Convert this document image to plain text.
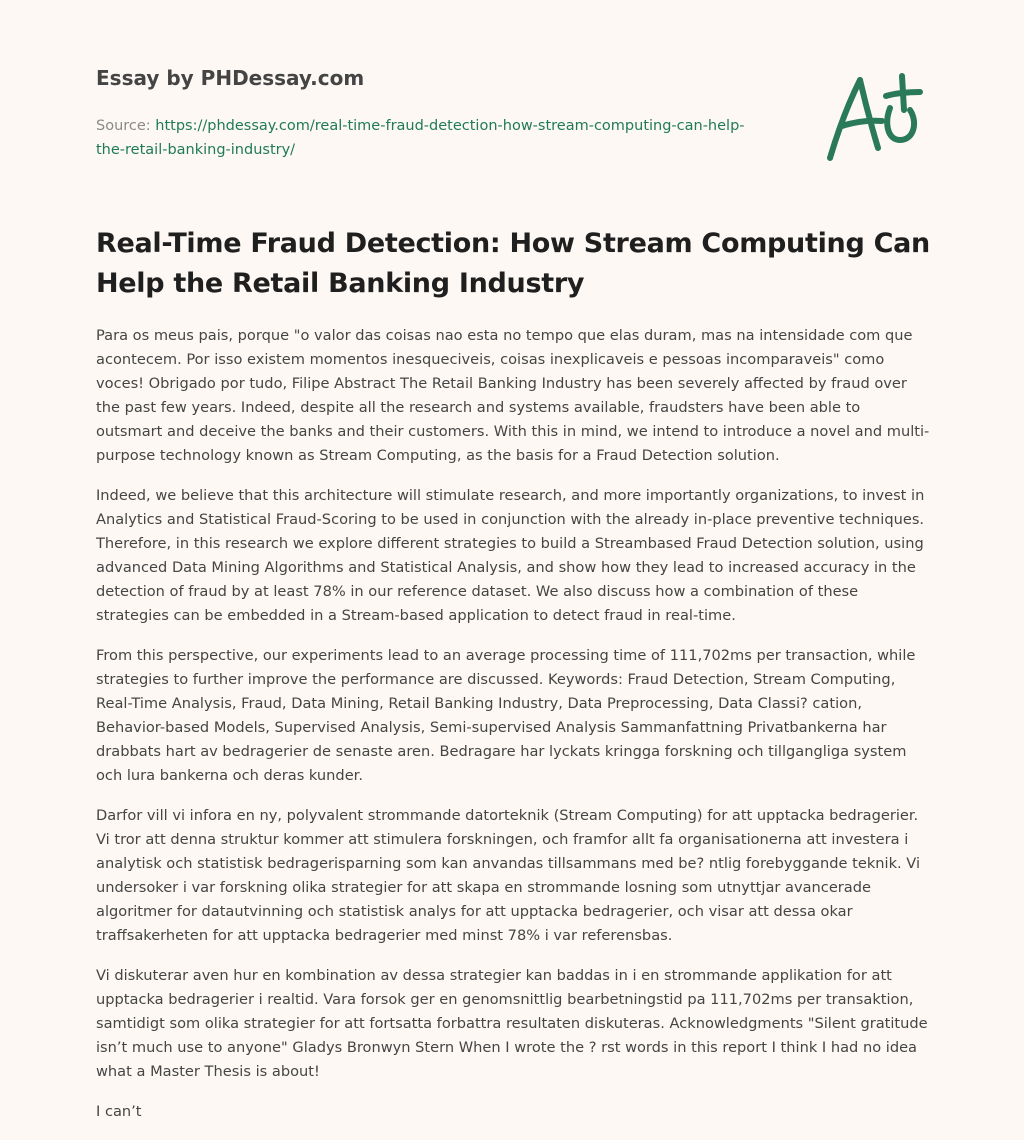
Essay by PHDessay.com
Source: https://phdessay.com/real-time-fraud-detection-how-stream-computing-can-help-the-retail-banking-industry/
Real-Time Fraud Detection: How Stream Computing Can Help the Retail Banking Industry

Para os meus pais, porque "o valor das coisas nao esta no tempo que elas duram, mas na intensidade com que acontecem. Por isso existem momentos inesqueciveis, coisas inexplicaveis e pessoas incomparaveis" como voces! Obrigado por tudo, Filipe Abstract The Retail Banking Industry has been severely affected by fraud over the past few years. Indeed, despite all the research and systems available, fraudsters have been able to outsmart and deceive the banks and their customers. With this in mind, we intend to introduce a novel and multi-purpose technology known as Stream Computing, as the basis for a Fraud Detection solution.

Indeed, we believe that this architecture will stimulate research, and more importantly organizations, to invest in Analytics and Statistical Fraud-Scoring to be used in conjunction with the already in-place preventive techniques. Therefore, in this research we explore different strategies to build a Streambased Fraud Detection solution, using advanced Data Mining Algorithms and Statistical Analysis, and show how they lead to increased accuracy in the detection of fraud by at least 78% in our reference dataset. We also discuss how a combination of these strategies can be embedded in a Stream-based application to detect fraud in real-time.

From this perspective, our experiments lead to an average processing time of 111,702ms per transaction, while strategies to further improve the performance are discussed. Keywords: Fraud Detection, Stream Computing, Real-Time Analysis, Fraud, Data Mining, Retail Banking Industry, Data Preprocessing, Data Classi? cation, Behavior-based Models, Supervised Analysis, Semi-supervised Analysis Sammanfattning Privatbankerna har drabbats hart av bedragerier de senaste aren. Bedragare har lyckats kringga forskning och tillgangliga system och lura bankerna och deras kunder.

Darfor vill vi infora en ny, polyvalent strommande datorteknik (Stream Computing) for att upptacka bedragerier. Vi tror att denna struktur kommer att stimulera forskningen, och framfor allt fa organisationerna att investera i analytisk och statistisk bedragerisparning som kan anvandas tillsammans med be? ntlig forebyggande teknik. Vi undersoker i var forskning olika strategier for att skapa en strommande losning som utnyttjar avancerade algoritmer for datautvinning och statistisk analys for att upptacka bedragerier, och visar att dessa okar traffsakerheten for att upptacka bedragerier med minst 78% i var referensbas.

Vi diskuterar aven hur en kombination av dessa strategier kan baddas in i en strommande applikation for att upptacka bedragerier i realtid. Vara forsok ger en genomsnittlig bearbetningstid pa 111,702ms per transaktion, samtidigt som olika strategier for att fortsatta forbattra resultaten diskuteras. Acknowledgments "Silent gratitude isn’t much use to anyone" Gladys Bronwyn Stern When I wrote the ? rst words in this report I think I had no idea what a Master Thesis is about!

I can’t
